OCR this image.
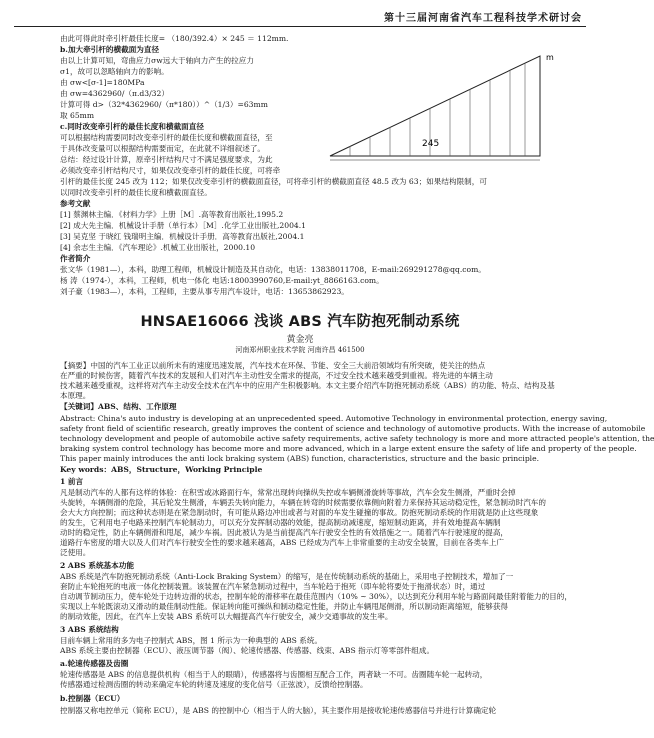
第十三届河南省汽车工程科技学术研讨会
m
245
由此可得此时牵引杆最佳长度= （180/392.4）× 245 ＝ 112mm.
b.加大牵引杆的横截面为直径
由以上计算可知，弯曲应力σw远大于轴向力产生的拉应力
σ1，故可以忽略轴向力的影响。
由 σw<[σ-1]=180MPa
由 σw=4362960/（π.d3/32）
计算可得 d>（32*4362960/（π*180））^（1/3）=63mm
取 65mm
c.同时改变牵引杆的最佳长度和横截面直径
可以根据结构需要同时改变牵引杆的最佳长度和横截面直径，至
于具体改变量可以根据结构需要而定，在此就不详细叙述了。
总结：经过设计计算，原牵引杆结构尺寸不满足强度要求，为此
必须改变牵引杆结构尺寸，如果仅改变牵引杆的最佳长度，可将牵
引杆的最佳长度 245 改为 112；如果仅改变牵引杆的横截面直径，可将牵引杆的横截面直径 48.5 改为 63；如果结构限制，可
以同时改变牵引杆的最佳长度和横截面直径。
参考文献
[1] 蔡渊林主编．《材料力学》上册［M］.高等教育出版社,1995.2
[2] 成大先主编．机械设计手册（单行本）［M］.化学工业出版社,2004.1
[3] 吴克坚 于晓红 钱瑞明主编．机械设计手册．高等教育出版社,2004.1
[4] 余志生主编．《汽车理论》.机械工业出版社，2000.10
作者简介
张文华（1981—），本科，助理工程师，机械设计制造及其自动化，电话：13838011708，E-mail:269291278@qq.com。
杨 涛（1974-），本科，工程师，机电一体化 电话:18003990760,E-mail:yt_8866163.com。
刘子豪（1983—），本科，工程师，主要从事专用汽车设计，电话：13653862923。
HNSAE16066 浅谈 ABS 汽车防抱死制动系统
黄金亮
河南郑州职业技术学院 河南许昌 461500
【摘要】中国的汽车工业正以前所未有的速度迅速发展，汽车技术在环保、节能、安全三大前沿领域均有所突破，使关注的热点
在严重的时候伤害，随着汽车技术的发展和人们对汽车主动性安全需求的提高，不过安全技术越来越受到重视。将先进的车辆主动
技术越来越受重视，这样将对汽车主动安全技术在汽车中的应用产生积极影响。本文主要介绍汽车防抱死制动系统（ABS）的功能、特点、结构及基
本原理。
【关键词】ABS、结构、工作原理
Abstract: China's auto industry is developing at an unprecedented speed. Automotive Technology in environmental protection, energy saving,
safety front field of scientific research, greatly improves the content of science and technology of automotive products. With the increase of automobile
technology development and people of automobile active safety requirements, active safety technology is more and more attracted people's attention, the
braking system control technology has become more and more advanced, which in a large extent ensure the safety of life and property of the people.
This paper mainly introduces the anti lock braking system (ABS) function, characteristics, structure and the basic principle.
Key words：ABS，Structure，Working Principle
1 前言
凡是制动汽车的人都有这样的体验：在积雪或冰路面行车，常常出现转向操纵失控或车辆侧滑旋转等事故，汽车会发生侧滑，严重时会掉
头旋转，车辆侧滑的危险，其后轮发生侧滑，车辆丢失转向能力，车辆在转弯的时候需要依靠侧向附着力来保持其运动稳定性，紧急制动时汽车的
会大大方向控制；而这种状态则是在紧急制动时，有可能从路边冲出或者与对面的车发生碰撞的事故。防抱死制动系统的作用就是防止这些现象
的发生，它利用电子电路来控制汽车轮制动力，可以充分发挥制动器的效能，提高制动减速度，缩短制动距离，并有效地提高车辆制
动时的稳定性，防止车辆侧滑和甩尾，减少车祸。因此被认为是当前提高汽车行驶安全性的有效措施之一。随着汽车行驶速度的提高，
道路行车密度的增大以及人们对汽车行驶安全性的要求越来越高，ABS 已经成为汽车上非常重要的主动安全装置，目前在各类车上广
泛使用。
2 ABS 系统基本功能
ABS 系统是汽车防抱死制动系统（Anti-Lock Braking System）的缩写，是在传统制动系统的基础上，采用电子控制技术，增加了一
套防止车轮抱死的电液一体化控制装置。该装置在汽车紧急制动过程中，当车轮趋于抱死（即车轮将要处于拖滑状态）时，通过
自动调节制动压力，使车轮处于边转边滑的状态，控制车轮的滑移率在最佳范围内（10% ~ 30%），以达到充分利用车轮与路面间最佳附着能力的目的，
实现以上车轮既滚动又滑动的最佳制动性能。保证转向能可操纵和制动稳定性能，并防止车辆甩尾侧滑，所以制动距离缩短，能够获得
的制动效能，因此，在汽车上安装 ABS 系统可以大幅提高汽车行驶安全，减少交通事故的发生率。
3 ABS 系统结构
目前车辆上常用的多为电子控制式 ABS，图 1 所示为一种典型的 ABS 系统。
ABS 系统主要由控制器（ECU）、液压调节器（阀）、轮速传感器、传感器、线束、ABS 指示灯等零部件组成。
a.轮速传感器及齿圈
轮速传感器是 ABS 的信息提供机构（相当于人的眼睛），传感器将与齿圈相互配合工作，两者缺一不可。齿圈随车轮一起转动，
传感器通过检测齿圈的转动来确定车轮的转速及速度的变化信号（正弦波），反馈给控制器。
b.控制器（ECU）
控制器又称电控单元（简称 ECU），是 ABS 的控制中心（相当于人的大脑），其主要作用是接收轮速传感器信号并进行计算确定轮
